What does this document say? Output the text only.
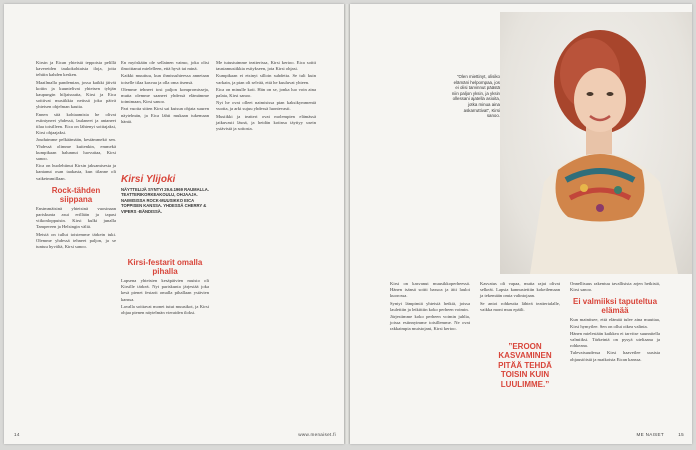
Kirsin ja Eican yhteistä teppoisia pelillä kavereiden taukokohtaisia iloja, joita tehtiin kahden kesken.

Maailmalla pandemian, jossa kaikki jäivät kotiin ja kuuntelivat yhteisen tyhjän kaupungin hiljaisuutta, Kirsi ja Eica soittivat musiikkia netissä joka päivä yhteisen ohjelman kautta.

Ennen sitä kohtaamista he olivat esiintyneet yhdessä, laulaneet ja antaneet tilaa toisilleen. Eica on lähtenyt soittajaksi, Kirsi ohjaajaksi.

Jouduimme pelkäämään, kestämmekö sen. Yhdessä olimme kuitenkin, emmekä kumpikaan halunnut luovuttaa, Kirsi sanoo.

Eica on huolehtinut Kirsin jaksamisesta ja kantanut osan taakasta, kun tilanne oli vaikeimmillaan.

Rock-tähden siippana

Ensimmäisinä yhteisinä vuosinaan pariskunta asui erillään ja tapasi viikonloppuisin. Kirsi kulki junalla Tampereen ja Helsingin väliä.

Meistä on tullut toistemme tärkein tuki. Olemme yhdessä tehneet paljon, ja se tuntuu hyvältä, Kirsi sanoo.

En myöskään ole sellainen vaimo, joka olisi ilmoittanut mielelleen, että hyvä tai minä.

Kaikki muuttuu, kun ihmissuhteessa annetaan toiselle tilaa kasvaa ja olla oma itsensä.

Olemme tehneet tosi paljon kompromisseja, mutta olemme saaneet yhdessä elämämme toimimaan, Kirsi sanoo.

Pari vuotta sitten Kirsi sai kutsun ohjata suuren näytelmän, ja Eica lähti mukaan tukemaan häntä.

Kirsi Ylijoki
NÄYTTELIJÄ SYNTYI 29.6.1969 RAUMALLA. TEATTERIKORKEAKOULU, OHJAAJA. NAIMISISSA ROCK-MUUSIKKO EICA TOPPISEN KANSSA. YHDESSÄ CHERRY & VIPERS -BÄNDISSÄ.
Kirsi-festarit omalla pihalla

Lapsena yhteisten kesäpäivien muisto oli Kirsille tärkeä. Nyt pariskunta järjestää joka kesä pienet festarit omalla pihallaan ystävien kanssa.

Lavalla soittavat monet tutut muusikot, ja Kirsi ohjaa pienen näytelmän vieraiden iloksi.

Me tutustuimme teatterissa, Kirsi kertoo. Eica soitti taustamusiikkia esitykseen, jota Kirsi ohjasi.

Kumpikaan ei etsinyt silloin suhdetta. Se tuli kuin varkain, ja pian oli selvää, että he kuuluvat yhteen.

Eica on minulle koti. Hän on se, jonka luo voin aina palata, Kirsi sanoo.

Nyt he ovat olleet naimisissa pian kaksikymmentä vuotta, ja arki sujuu yhdessä luontevasti.

Musiikki ja teatteri ovat molempien elämässä jatkuvasti läsnä, ja heidän kotinsa täyttyy usein ystävistä ja soitosta.

14	www.menaiset.fi
”Olen miettinyt, olisiko elämäni helpompaa, jos ei olisi tarvinnut päästä niin paljon yksin, ja yksin ollessani ajatella asioita, jotka minua aina askarruttivat”, Kirsi sanoo.

Kirsi on kasvanut muusikkoperheessä. Hänen isänsä soitti bassoa ja äiti lauloi kuorossa.

Syntyi lämpimiä yhteisiä hetkiä, joissa laulettiin ja leikittiin koko perheen voimin.

Järjestimme koko perheen voimin juhlia, joissa esiinnyimme toisillemme. Ne ovat rakkaimpia muistojani, Kirsi kertoo.

Kasvatus oli vapaa, mutta rajat olivat selkeät. Lapsia kannustettiin kokeilemaan ja tekemään omia valintojaan.

Se antoi rohkeutta lähteä teatterialalle, vaikka moni muu epäili.

”EROON KASVAMINEN PITÄÄ TEHDÄ TOISIN KUIN LUULIMME.”

Onnellisuus rakentuu tavallisista arjen hetkistä, Kirsi sanoo.

Ei valmiiksi taputeltua elämää

Kun mainitsee, että elämää tulee aina muuttaa, Kirsi hymyilee. Sen on ollut oikea valinta.

Hänen mielestään kaikkea ei tarvitse suunnitella valmiiksi. Tärkeintä on pysyä uteliaana ja rohkeana.

Tulevaisuudessa Kirsi haaveilee uusista ohjaustöistä ja matkoista Eican kanssa.

ME NAISET	15
